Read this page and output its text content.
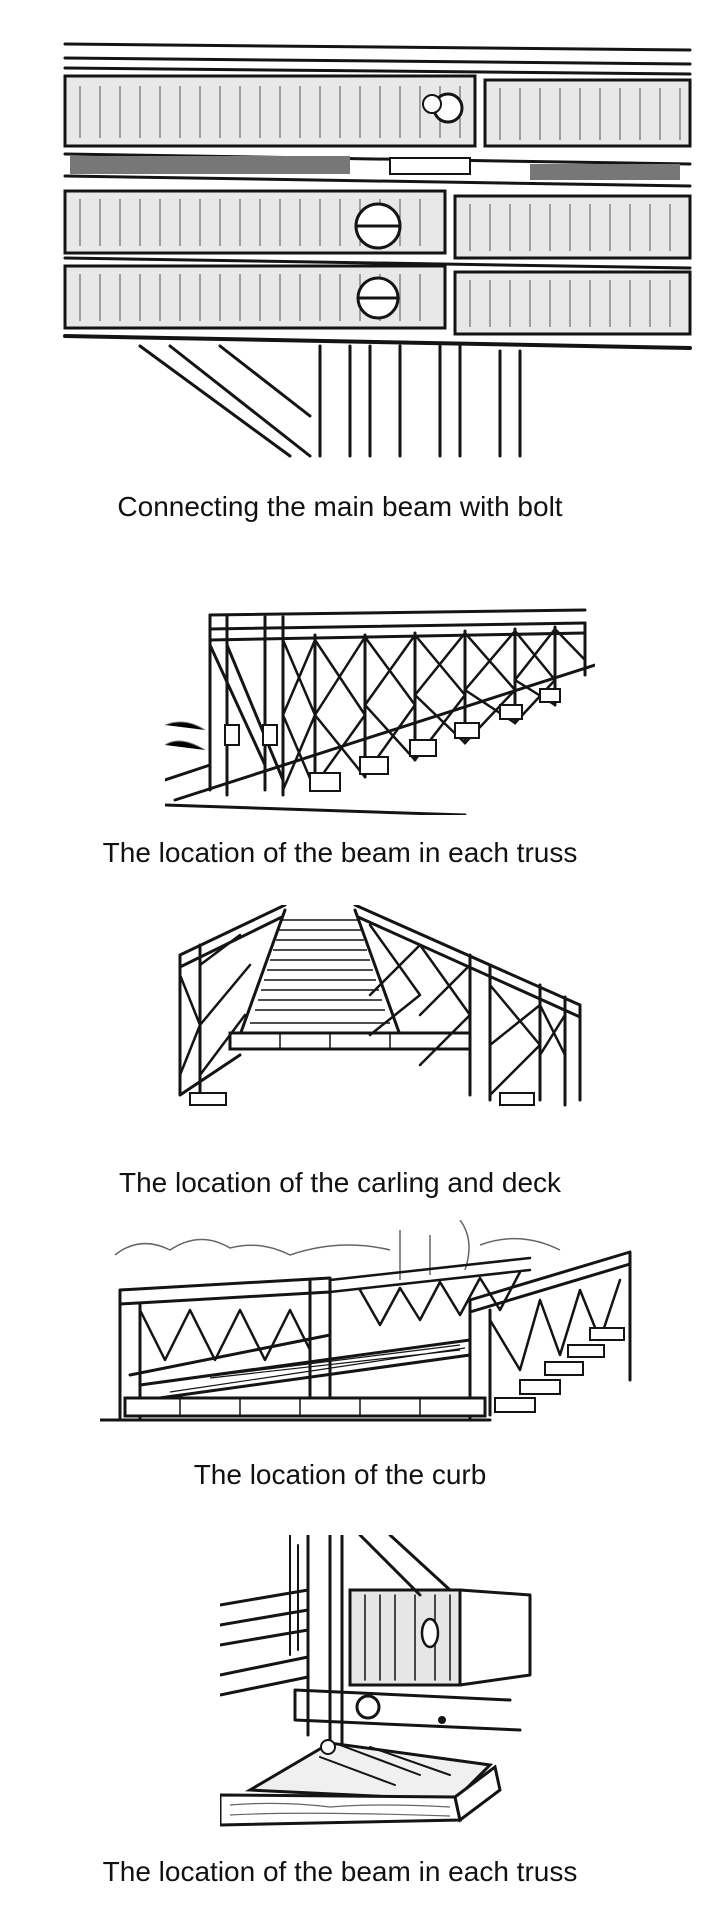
Connecting the main beam with bolt
The location of the beam in each truss
The location of the carling and deck
The location of the curb
The location of the beam in each truss
